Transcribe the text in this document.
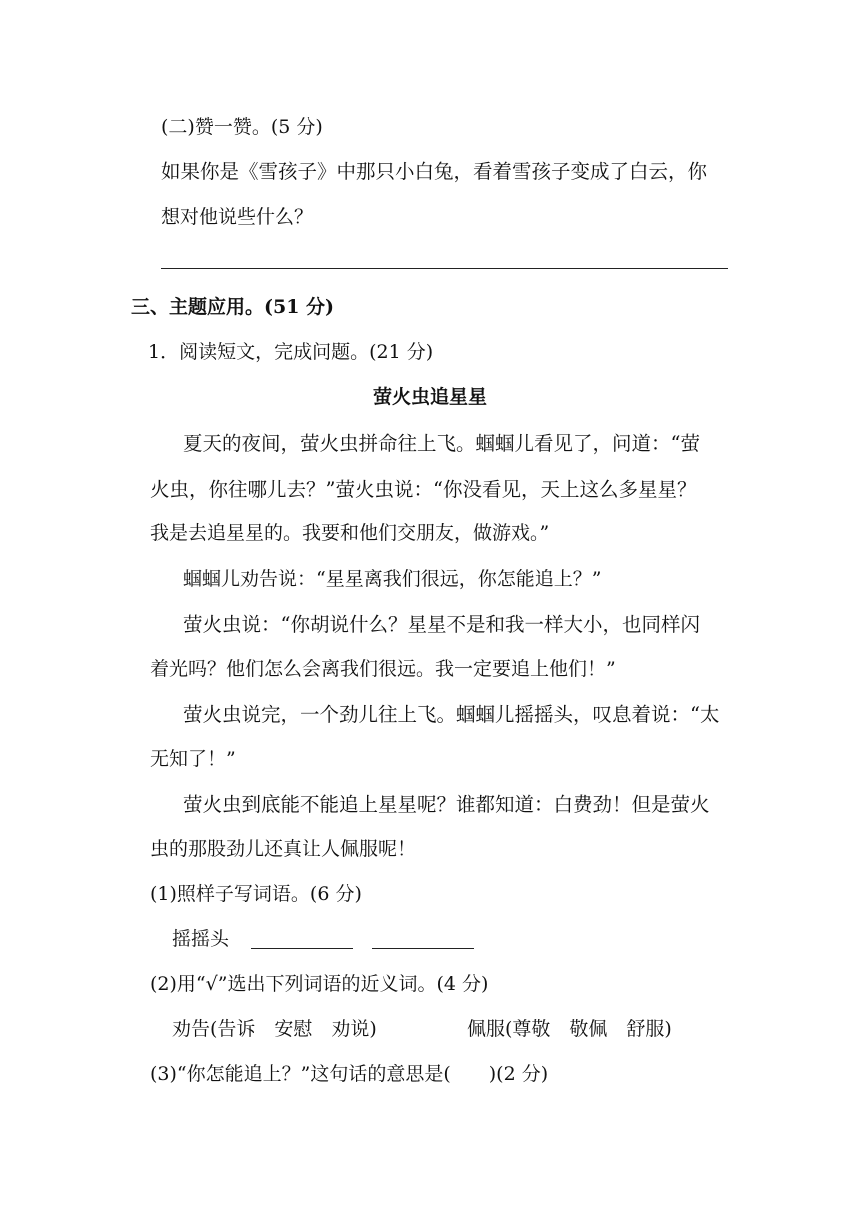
(二)赞一赞。(5 分)
如果你是《雪孩子》中那只小白兔，看着雪孩子变成了白云，你
想对他说些什么？
三、主题应用。(51 分)
1．阅读短文，完成问题。(21 分)
萤火虫追星星
夏天的夜间，萤火虫拼命往上飞。蝈蝈儿看见了，问道：“萤
火虫，你往哪儿去？”萤火虫说：“你没看见，天上这么多星星？
我是去追星星的。我要和他们交朋友，做游戏。”
蝈蝈儿劝告说：“星星离我们很远，你怎能追上？”
萤火虫说：“你胡说什么？星星不是和我一样大小，也同样闪
着光吗？他们怎么会离我们很远。我一定要追上他们！”
萤火虫说完，一个劲儿往上飞。蝈蝈儿摇摇头，叹息着说：“太
无知了！”
萤火虫到底能不能追上星星呢？谁都知道：白费劲！但是萤火
虫的那股劲儿还真让人佩服呢！
(1)照样子写词语。(6 分)
摇摇头
(2)用“√”选出下列词语的近义词。(4 分)
劝告(告诉　安慰　劝说)	佩服(尊敬　敬佩　舒服)
(3)“你怎能追上？”这句话的意思是(　　)(2 分)
